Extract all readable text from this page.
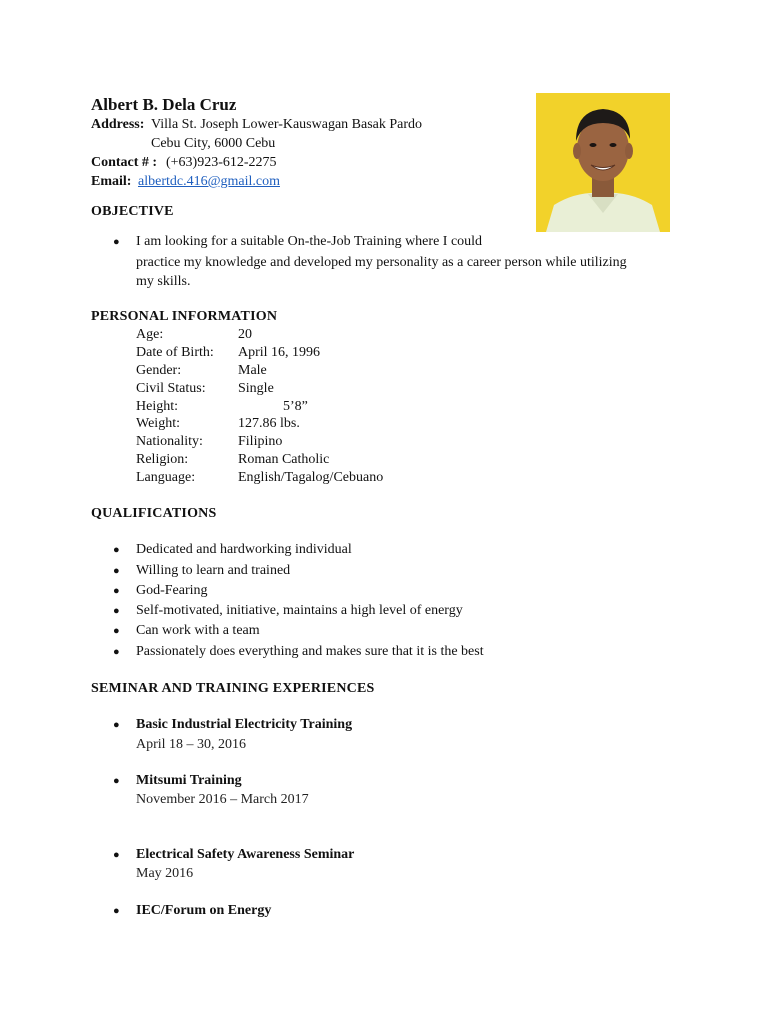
Albert B. Dela Cruz
Address: Villa St. Joseph Lower-Kauswagan Basak Pardo
Cebu City, 6000 Cebu
Contact # : (+63)923-612-2275
Email: albertdc.416@gmail.com
OBJECTIVE
● I am looking for a suitable On-the-Job Training where I could
practice my knowledge and developed my personality as a career person while utilizing
my skills.
PERSONAL INFORMATION
Age:	20
Date of Birth: April 16, 1996
Gender:	Male
Civil Status: Single
Height:	5’8”
Weight:	127.86 lbs.
Nationality:	Filipino
Religion:	Roman Catholic
Language:	English/Tagalog/Cebuano
QUALIFICATIONS
● Dedicated and hardworking individual
● Willing to learn and trained
● God-Fearing
● Self-motivated, initiative, maintains a high level of energy
● Can work with a team
● Passionately does everything and makes sure that it is the best
SEMINAR AND TRAINING EXPERIENCES
● Basic Industrial Electricity Training
April 18 – 30, 2016
● Mitsumi Training
November 2016 – March 2017
● Electrical Safety Awareness Seminar
May 2016
● IEC/Forum on Energy
